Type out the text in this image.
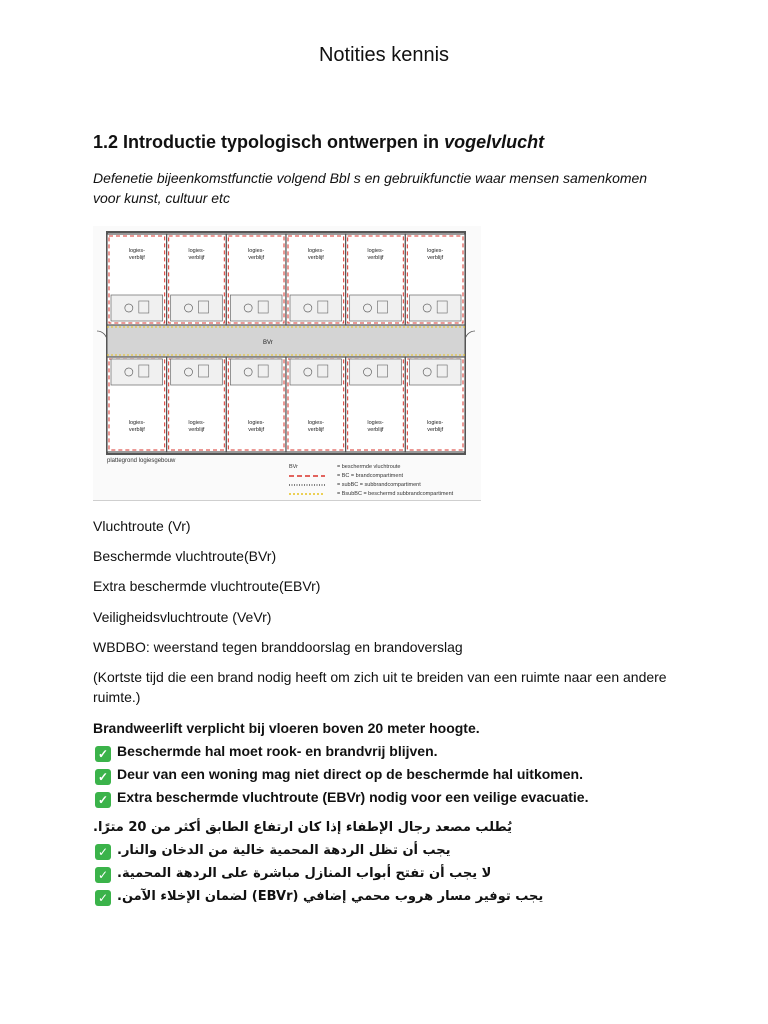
Notities kennis
1.2 Introductie typologisch ontwerpen in vogelvlucht
Defenetie bijeenkomstfunctie volgend Bbl s en gebruikfunctie waar mensen samenkomen voor kunst, cultuur etc
BVr
logies-
verblijf
logies-
verblijf
logies-
verblijf
logies-
verblijf
logies-
verblijf
logies-
verblijf
logies-
verblijf
logies-
verblijf
logies-
verblijf
logies-
verblijf
logies-
verblijf
logies-
verblijf
plattegrond logiesgebouw
BVr	= beschermde vluchtroute
= BC = brandcompartiment
= subBC = subbrandcompartiment
= BsubBC = beschermd subbrandcompartiment
Vluchtroute (Vr)
Beschermde vluchtroute(BVr)
Extra beschermde vluchtroute(EBVr)
Veiligheidsvluchtroute (VeVr)
WBDBO: weerstand tegen branddoorslag en brandoverslag
(Kortste tijd die een brand nodig heeft om zich uit te breiden van een ruimte naar een andere ruimte.)
Brandweerlift verplicht bij vloeren boven 20 meter hoogte.
✓ Beschermde hal moet rook- en brandvrij blijven.
✓ Deur van een woning mag niet direct op de beschermde hal uitkomen.
✓ Extra beschermde vluchtroute (EBVr) nodig voor een veilige evacuatie.
يُطلب مصعد رجال الإطفاء إذا كان ارتفاع الطابق أكثر من 20 مترًا.
✓ يجب أن تظل الردهة المحمية خالية من الدخان والنار.
✓ لا يجب أن تفتح أبواب المنازل مباشرة على الردهة المحمية.
✓ يجب توفير مسار هروب محمي إضافي (EBVr) لضمان الإخلاء الآمن.
